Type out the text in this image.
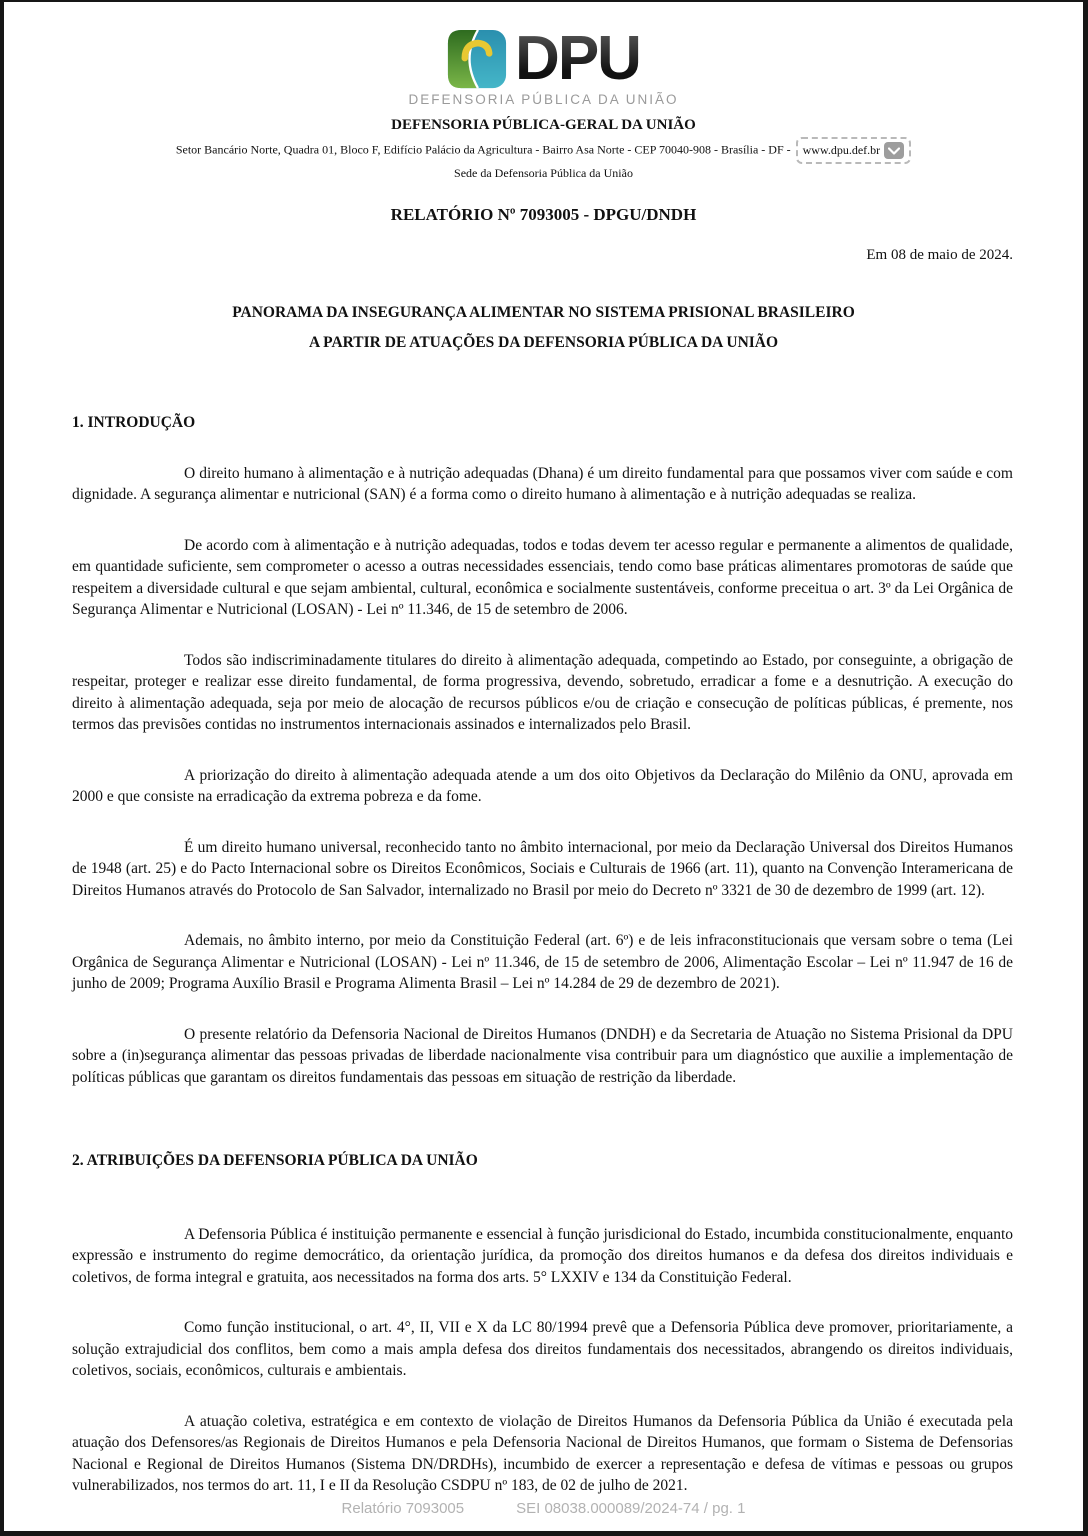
DPU
DEFENSORIA PÚBLICA DA UNIÃO
DEFENSORIA PÚBLICA-GERAL DA UNIÃO
Setor Bancário Norte, Quadra 01, Bloco F, Edifício Palácio da Agricultura - Bairro Asa Norte - CEP 70040-908 - Brasília - DF - www.dpu.def.br
Sede da Defensoria Pública da União
RELATÓRIO Nº 7093005 - DPGU/DNDH
Em 08 de maio de 2024.
PANORAMA DA INSEGURANÇA ALIMENTAR NO SISTEMA PRISIONAL BRASILEIRO
A PARTIR DE ATUAÇÕES DA DEFENSORIA PÚBLICA DA UNIÃO
1. INTRODUÇÃO

O direito humano à alimentação e à nutrição adequadas (Dhana) é um direito fundamental para que possamos viver com saúde e com dignidade. A segurança alimentar e nutricional (SAN) é a forma como o direito humano à alimentação e à nutrição adequadas se realiza.

De acordo com à alimentação e à nutrição adequadas, todos e todas devem ter acesso regular e permanente a alimentos de qualidade, em quantidade suficiente, sem comprometer o acesso a outras necessidades essenciais, tendo como base práticas alimentares promotoras de saúde que respeitem a diversidade cultural e que sejam ambiental, cultural, econômica e socialmente sustentáveis, conforme preceitua o art. 3º da Lei Orgânica de Segurança Alimentar e Nutricional (LOSAN) - Lei nº 11.346, de 15 de setembro de 2006.

Todos são indiscriminadamente titulares do direito à alimentação adequada, competindo ao Estado, por conseguinte, a obrigação de respeitar, proteger e realizar esse direito fundamental, de forma progressiva, devendo, sobretudo, erradicar a fome e a desnutrição. A execução do direito à alimentação adequada, seja por meio de alocação de recursos públicos e/ou de criação e consecução de políticas públicas, é premente, nos termos das previsões contidas no instrumentos internacionais assinados e internalizados pelo Brasil.

A priorização do direito à alimentação adequada atende a um dos oito Objetivos da Declaração do Milênio da ONU, aprovada em 2000 e que consiste na erradicação da extrema pobreza e da fome.

É um direito humano universal, reconhecido tanto no âmbito internacional, por meio da Declaração Universal dos Direitos Humanos de 1948 (art. 25) e do Pacto Internacional sobre os Direitos Econômicos, Sociais e Culturais de 1966 (art. 11), quanto na Convenção Interamericana de Direitos Humanos através do Protocolo de San Salvador, internalizado no Brasil por meio do Decreto nº 3321 de 30 de dezembro de 1999 (art. 12).

Ademais, no âmbito interno, por meio da Constituição Federal (art. 6º) e de leis infraconstitucionais que versam sobre o tema (Lei Orgânica de Segurança Alimentar e Nutricional (LOSAN) - Lei nº 11.346, de 15 de setembro de 2006, Alimentação Escolar – Lei nº 11.947 de 16 de junho de 2009; Programa Auxílio Brasil e Programa Alimenta Brasil – Lei nº 14.284 de 29 de dezembro de 2021).

O presente relatório da Defensoria Nacional de Direitos Humanos (DNDH) e da Secretaria de Atuação no Sistema Prisional da DPU sobre a (in)segurança alimentar das pessoas privadas de liberdade nacionalmente visa contribuir para um diagnóstico que auxilie a implementação de políticas públicas que garantam os direitos fundamentais das pessoas em situação de restrição da liberdade.

2. ATRIBUIÇÕES DA DEFENSORIA PÚBLICA DA UNIÃO

A Defensoria Pública é instituição permanente e essencial à função jurisdicional do Estado, incumbida constitucionalmente, enquanto expressão e instrumento do regime democrático, da orientação jurídica, da promoção dos direitos humanos e da defesa dos direitos individuais e coletivos, de forma integral e gratuita, aos necessitados na forma dos arts. 5° LXXIV e 134 da Constituição Federal.

Como função institucional, o art. 4°, II, VII e X da LC 80/1994 prevê que a Defensoria Pública deve promover, prioritariamente, a solução extrajudicial dos conflitos, bem como a mais ampla defesa dos direitos fundamentais dos necessitados, abrangendo os direitos individuais, coletivos, sociais, econômicos, culturais e ambientais.

A atuação coletiva, estratégica e em contexto de violação de Direitos Humanos da Defensoria Pública da União é executada pela atuação dos Defensores/as Regionais de Direitos Humanos e pela Defensoria Nacional de Direitos Humanos, que formam o Sistema de Defensorias Nacional e Regional de Direitos Humanos (Sistema DN/DRDHs), incumbido de exercer a representação e defesa de vítimas e pessoas ou grupos vulnerabilizados, nos termos do art. 11, I e II da Resolução CSDPU nº 183, de 02 de julho de 2021.

Relatório 7093005	SEI 08038.000089/2024-74 / pg. 1
